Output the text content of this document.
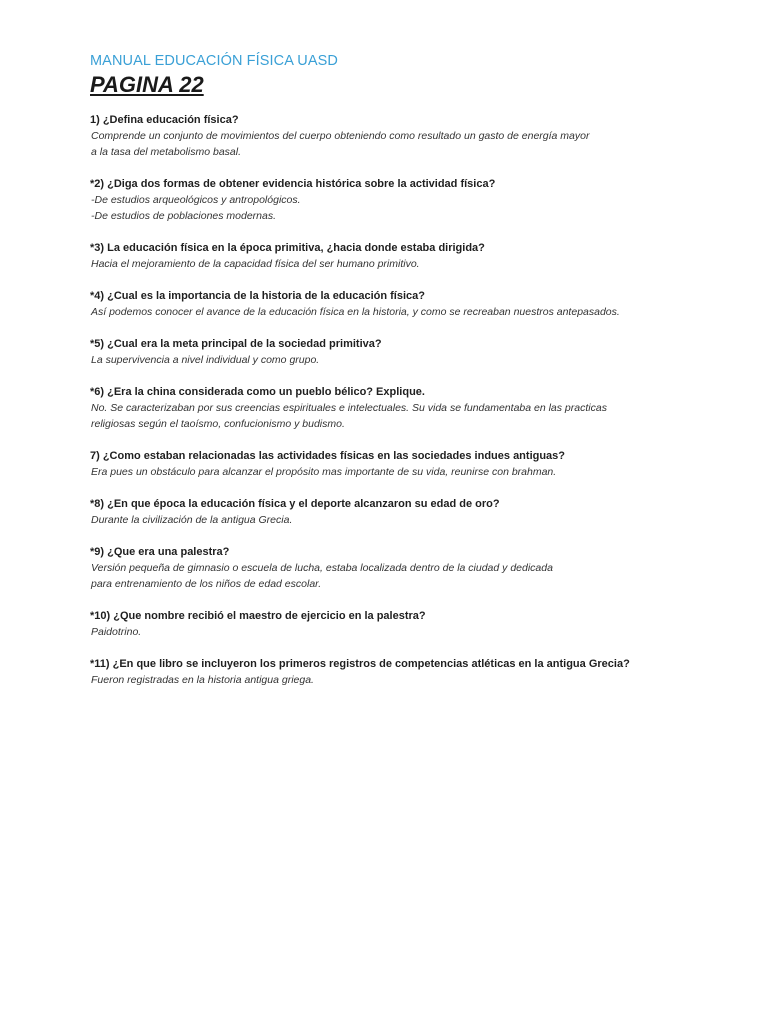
MANUAL EDUCACIÓN FÍSICA UASD
PAGINA 22
1) ¿Defina educación física?
Comprende un conjunto de movimientos del cuerpo obteniendo como resultado un gasto de energía mayor
a la tasa del metabolismo basal.
*2) ¿Diga dos formas de obtener evidencia histórica sobre la actividad física?
-De estudios arqueológicos y antropológicos.
-De estudios de poblaciones modernas.
*3) La educación física en la época primitiva, ¿hacia donde estaba dirigida?
Hacia el mejoramiento de la capacidad física del ser humano primitivo.
*4) ¿Cual es la importancia de la historia de la educación física?
Así podemos conocer el avance de la educación física en la historia, y como se recreaban nuestros antepasados.
*5) ¿Cual era la meta principal de la sociedad primitiva?
La supervivencia a nivel individual y como grupo.
*6) ¿Era la china considerada como un pueblo bélico? Explique.
No. Se caracterizaban por sus creencias espirituales e intelectuales. Su vida se fundamentaba en las practicas
religiosas según el taoísmo, confucionismo y budismo.
7) ¿Como estaban relacionadas las actividades físicas en las sociedades indues antiguas?
Era pues un obstáculo para alcanzar el propósito mas importante de su vida, reunirse con brahman.
*8) ¿En que época la educación física y el deporte alcanzaron su edad de oro?
Durante la civilización de la antigua Grecia.
*9) ¿Que era una palestra?
Versión pequeña de gimnasio o escuela de lucha, estaba localizada dentro de la ciudad y dedicada
para entrenamiento de los niños de edad escolar.
*10) ¿Que nombre recibió el maestro de ejercicio en la palestra?
Paidotrino.
*11) ¿En que libro se incluyeron los primeros registros de competencias atléticas en la antigua Grecia?
Fueron registradas en la historia antigua griega.
